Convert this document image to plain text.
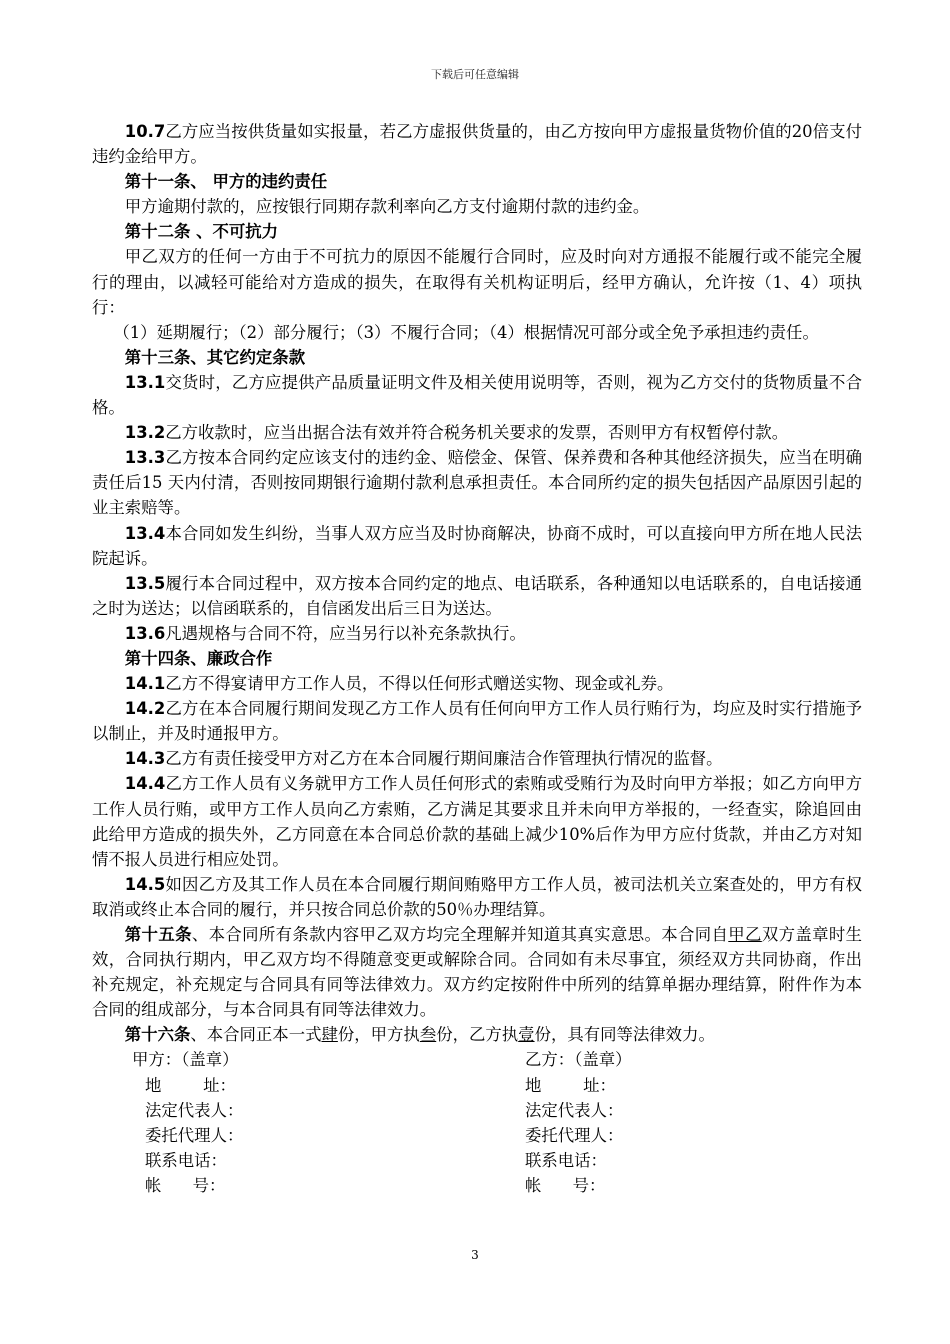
下载后可任意编辑

10.7乙方应当按供货量如实报量，若乙方虚报供货量的，由乙方按向甲方虚报量货物价值的20倍支付违约金给甲方。

第十一条、 甲方的违约责任

甲方逾期付款的，应按银行同期存款利率向乙方支付逾期付款的违约金。

第十二条 、不可抗力

甲乙双方的任何一方由于不可抗力的原因不能履行合同时，应及时向对方通报不能履行或不能完全履行的理由，以减轻可能给对方造成的损失，在取得有关机构证明后，经甲方确认，允许按（1、4）项执行：

（1）延期履行；（2）部分履行；（3）不履行合同；（4）根据情况可部分或全免予承担违约责任。

第十三条、其它约定条款

13.1交货时，乙方应提供产品质量证明文件及相关使用说明等，否则，视为乙方交付的货物质量不合格。

13.2乙方收款时，应当出据合法有效并符合税务机关要求的发票，否则甲方有权暂停付款。

13.3乙方按本合同约定应该支付的违约金、赔偿金、保管、保养费和各种其他经济损失，应当在明确责任后15 天内付清，否则按同期银行逾期付款利息承担责任。本合同所约定的损失包括因产品原因引起的业主索赔等。

13.4本合同如发生纠纷，当事人双方应当及时协商解决，协商不成时，可以直接向甲方所在地人民法院起诉。

13.5履行本合同过程中，双方按本合同约定的地点、电话联系，各种通知以电话联系的，自电话接通之时为送达；以信函联系的，自信函发出后三日为送达。

13.6凡遇规格与合同不符，应当另行以补充条款执行。

第十四条、廉政合作

14.1乙方不得宴请甲方工作人员，不得以任何形式赠送实物、现金或礼券。

14.2乙方在本合同履行期间发现乙方工作人员有任何向甲方工作人员行贿行为，均应及时实行措施予以制止，并及时通报甲方。

14.3乙方有责任接受甲方对乙方在本合同履行期间廉洁合作管理执行情况的监督。

14.4乙方工作人员有义务就甲方工作人员任何形式的索贿或受贿行为及时向甲方举报；如乙方向甲方工作人员行贿，或甲方工作人员向乙方索贿，乙方满足其要求且并未向甲方举报的，一经查实，除追回由此给甲方造成的损失外，乙方同意在本合同总价款的基础上减少10%后作为甲方应付货款，并由乙方对知情不报人员进行相应处罚。

14.5如因乙方及其工作人员在本合同履行期间贿赂甲方工作人员，被司法机关立案查处的，甲方有权取消或终止本合同的履行，并只按合同总价款的50％办理结算。

第十五条、本合同所有条款内容甲乙双方均完全理解并知道其真实意思。本合同自甲乙双方盖章时生效，合同执行期内，甲乙双方均不得随意变更或解除合同。合同如有未尽事宜，须经双方共同协商，作出补充规定，补充规定与合同具有同等法律效力。双方约定按附件中所列的结算单据办理结算，附件作为本合同的组成部分，与本合同具有同等法律效力。

第十六条、本合同正本一式肆份，甲方执叁份，乙方执壹份，具有同等法律效力。

甲方：（盖章）
地        址：
法定代表人：
委托代理人：
联系电话：
帐      号：
乙方：（盖章）
地        址：
法定代表人：
委托代理人：
联系电话：
帐      号：
3
